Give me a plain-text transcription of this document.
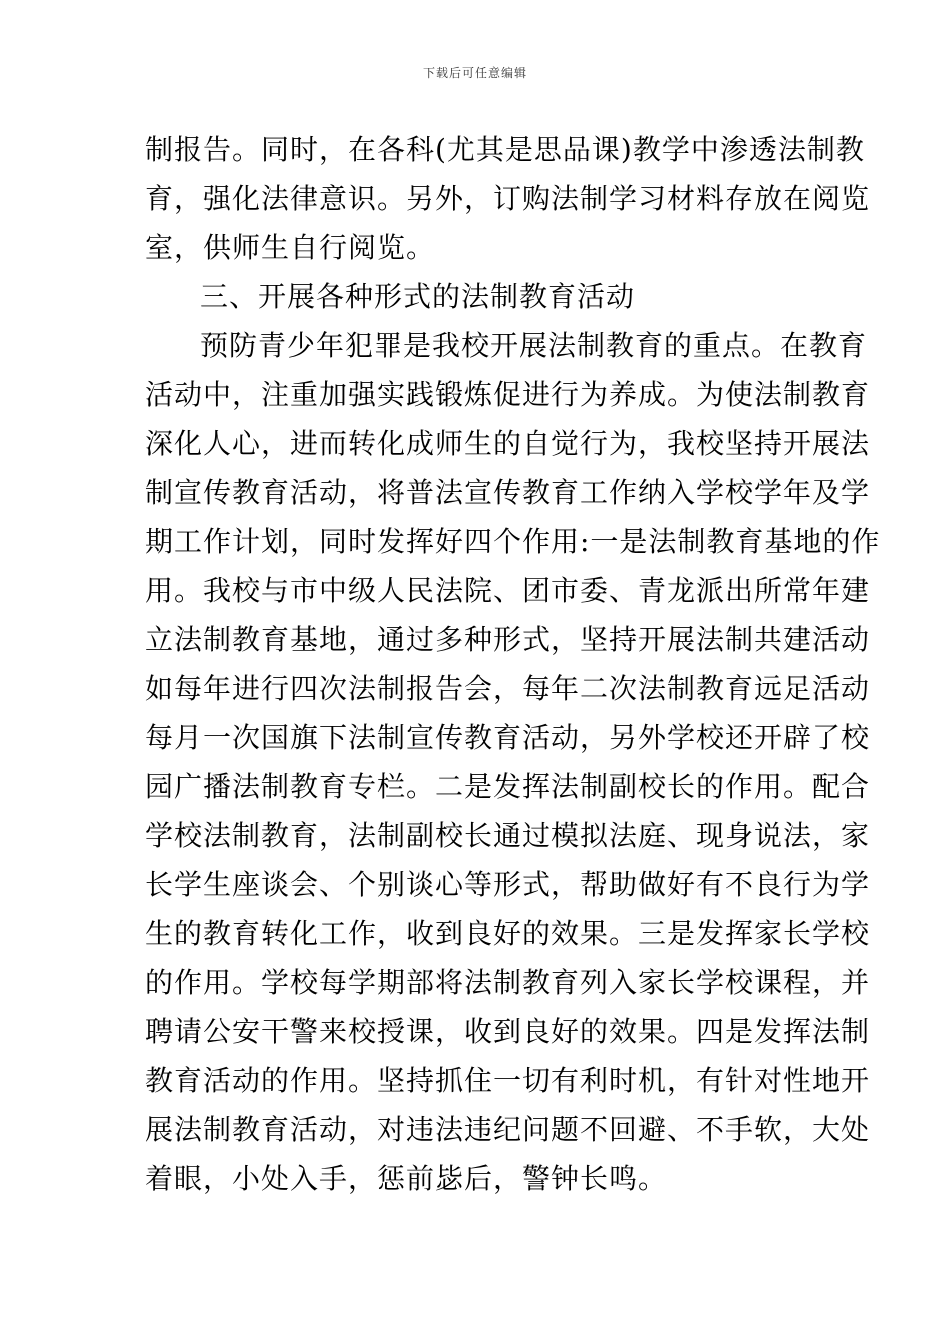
下载后可任意编辑
制报告。同时，在各科(尤其是思品课)教学中渗透法制教
育，强化法律意识。另外，订购法制学习材料存放在阅览
室，供师生自行阅览。
三、开展各种形式的法制教育活动
预防青少年犯罪是我校开展法制教育的重点。在教育
活动中，注重加强实践锻炼促进行为养成。为使法制教育
深化人心，进而转化成师生的自觉行为，我校坚持开展法
制宣传教育活动，将普法宣传教育工作纳入学校学年及学
期工作计划，同时发挥好四个作用:一是法制教育基地的作
用。我校与市中级人民法院、团市委、青龙派出所常年建
立法制教育基地，通过多种形式，坚持开展法制共建活动
如每年进行四次法制报告会，每年二次法制教育远足活动
每月一次国旗下法制宣传教育活动，另外学校还开辟了校
园广播法制教育专栏。二是发挥法制副校长的作用。配合
学校法制教育，法制副校长通过模拟法庭、现身说法，家
长学生座谈会、个别谈心等形式，帮助做好有不良行为学
生的教育转化工作，收到良好的效果。三是发挥家长学校
的作用。学校每学期部将法制教育列入家长学校课程，并
聘请公安干警来校授课，收到良好的效果。四是发挥法制
教育活动的作用。坚持抓住一切有利时机，有针对性地开
展法制教育活动，对违法违纪问题不回避、不手软，大处
着眼，小处入手，惩前毖后，警钟长鸣。
